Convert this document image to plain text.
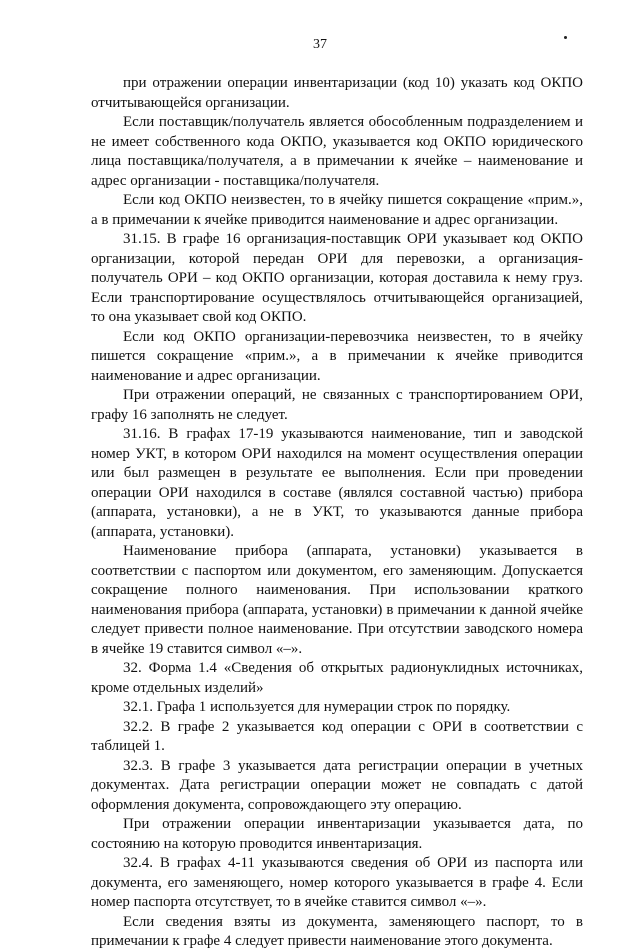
37

при отражении операции инвентаризации (код 10) указать код ОКПО отчитывающейся организации.

Если поставщик/получатель является обособленным подразделением и не имеет собственного кода ОКПО, указывается код ОКПО юридического лица поставщика/получателя, а в примечании к ячейке – наименование и адрес организации - поставщика/получателя.

Если код ОКПО неизвестен, то в ячейку пишется сокращение «прим.», а в примечании к ячейке приводится наименование и адрес организации.

31.15. В графе 16 организация-поставщик ОРИ указывает код ОКПО организации, которой передан ОРИ для перевозки, а организация-получатель ОРИ – код ОКПО организации, которая доставила к нему груз. Если транспортирование осуществлялось отчитывающейся организацией, то она указывает свой код ОКПО.

Если код ОКПО организации-перевозчика неизвестен, то в ячейку пишется сокращение «прим.», а в примечании к ячейке приводится наименование и адрес организации.

При отражении операций, не связанных с транспортированием ОРИ, графу 16 заполнять не следует.

31.16. В графах 17-19 указываются наименование, тип и заводской номер УКТ, в котором ОРИ находился на момент осуществления операции или был размещен в результате ее выполнения. Если при проведении операции ОРИ находился в составе (являлся составной частью) прибора (аппарата, установки), а не в УКТ, то указываются данные прибора (аппарата, установки).

Наименование прибора (аппарата, установки) указывается в соответствии с паспортом или документом, его заменяющим. Допускается сокращение полного наименования. При использовании краткого наименования прибора (аппарата, установки) в примечании к данной ячейке следует привести полное наименование. При отсутствии заводского номера в ячейке 19 ставится символ «–».

32. Форма 1.4 «Сведения об открытых радионуклидных источниках, кроме отдельных изделий»

32.1. Графа 1 используется для нумерации строк по порядку.

32.2. В графе 2 указывается код операции с ОРИ в соответствии с таблицей 1.

32.3. В графе 3 указывается дата регистрации операции в учетных документах. Дата регистрации операции может не совпадать с датой оформления документа, сопровождающего эту операцию.

При отражении операции инвентаризации указывается дата, по состоянию на которую проводится инвентаризация.

32.4. В графах 4-11 указываются сведения об ОРИ из паспорта или документа, его заменяющего, номер которого указывается в графе 4. Если номер паспорта отсутствует, то в ячейке ставится символ «–».

Если сведения взяты из документа, заменяющего паспорт, то в примечании к графе 4 следует привести наименование этого документа.
